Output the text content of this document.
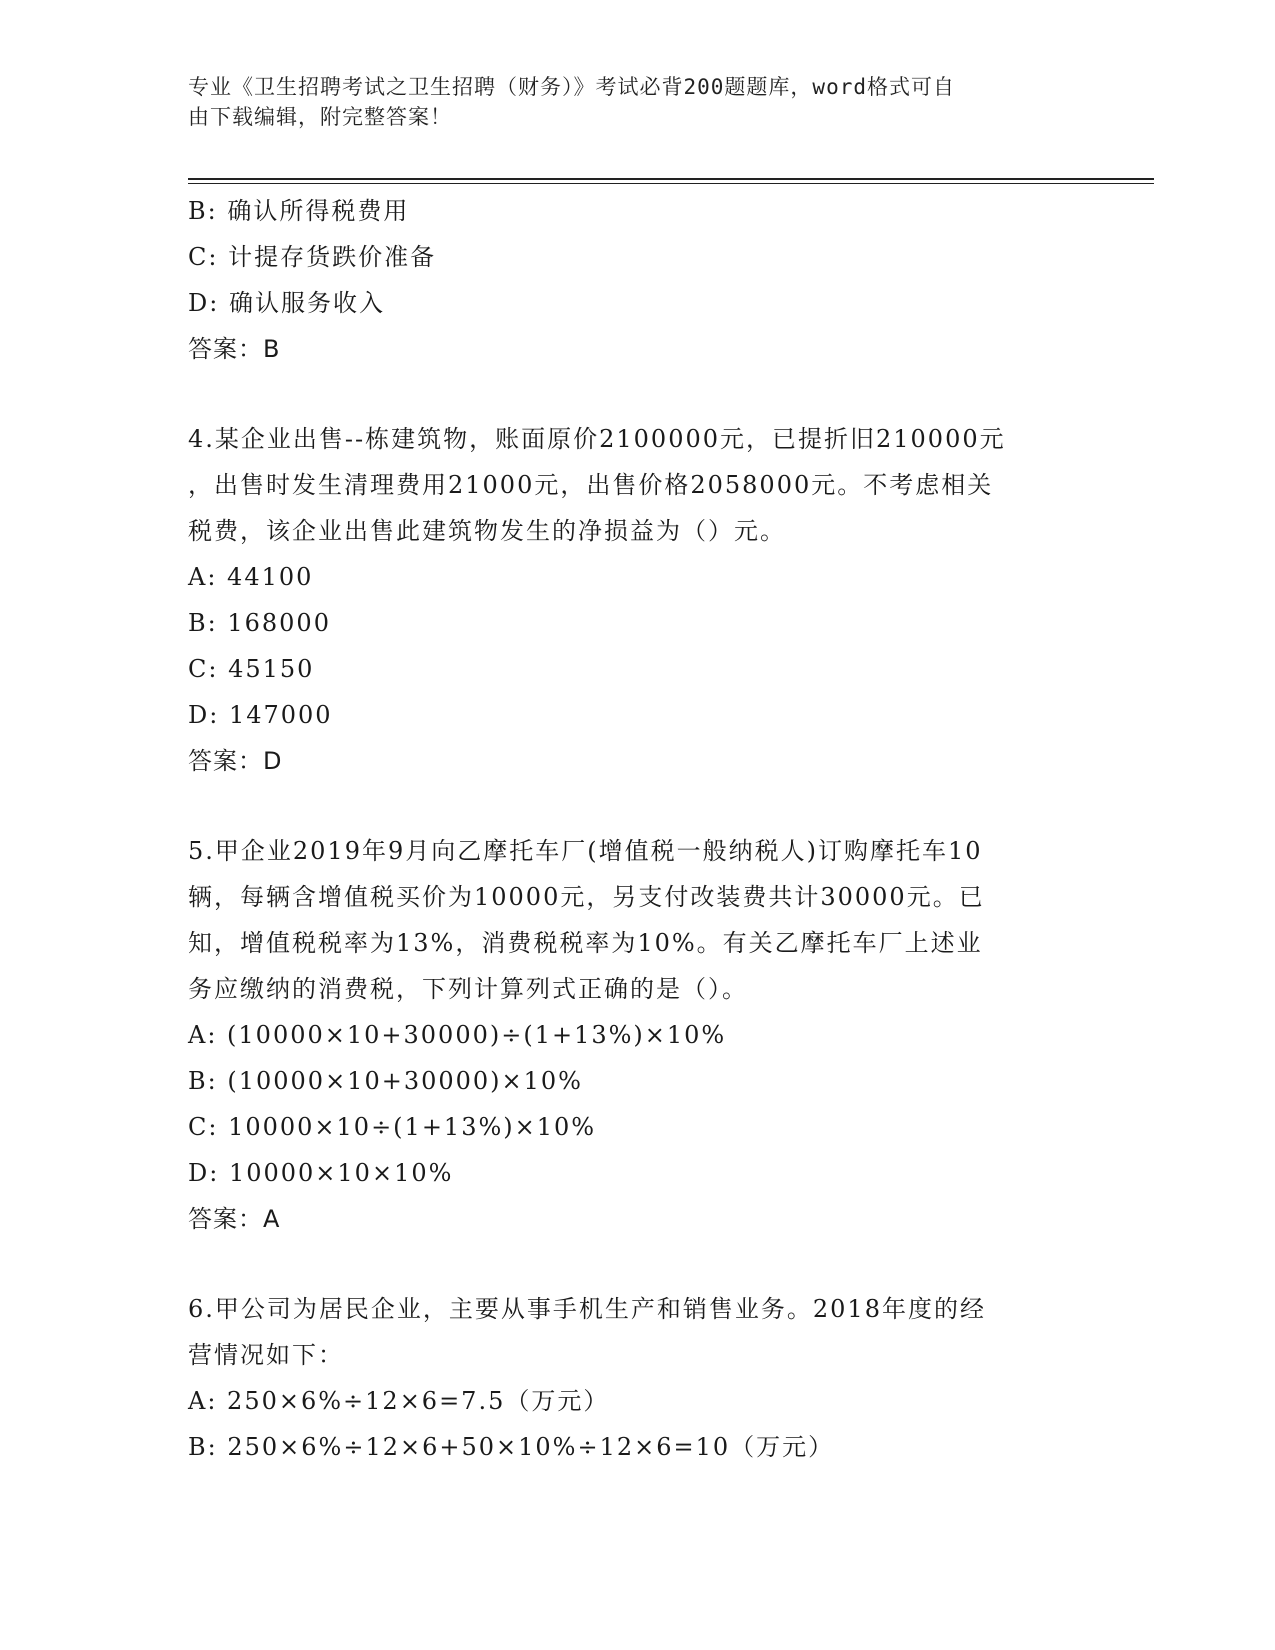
专业《卫生招聘考试之卫生招聘（财务）》考试必背200题题库，word格式可自
由下载编辑，附完整答案！
B: 确认所得税费用
C: 计提存货跌价准备
D: 确认服务收入
答案：B
4.某企业出售--栋建筑物，账面原价2100000元，已提折旧210000元
，出售时发生清理费用21000元，出售价格2058000元。不考虑相关
税费，该企业出售此建筑物发生的净损益为（）元。
A: 44100
B: 168000
C: 45150
D: 147000
答案：D
5.甲企业2019年9月向乙摩托车厂(增值税一般纳税人)订购摩托车10
辆，每辆含增值税买价为10000元，另支付改装费共计30000元。已
知，增值税税率为13%，消费税税率为10%。有关乙摩托车厂上述业
务应缴纳的消费税，下列计算列式正确的是（）。
A: (10000×10+30000)÷(1+13%)×10%
B: (10000×10+30000)×10%
C: 10000×10÷(1+13%)×10%
D: 10000×10×10%
答案：A
6.甲公司为居民企业，主要从事手机生产和销售业务。2018年度的经
营情况如下：
A: 250×6%÷12×6=7.5（万元）
B: 250×6%÷12×6+50×10%÷12×6=10（万元）
